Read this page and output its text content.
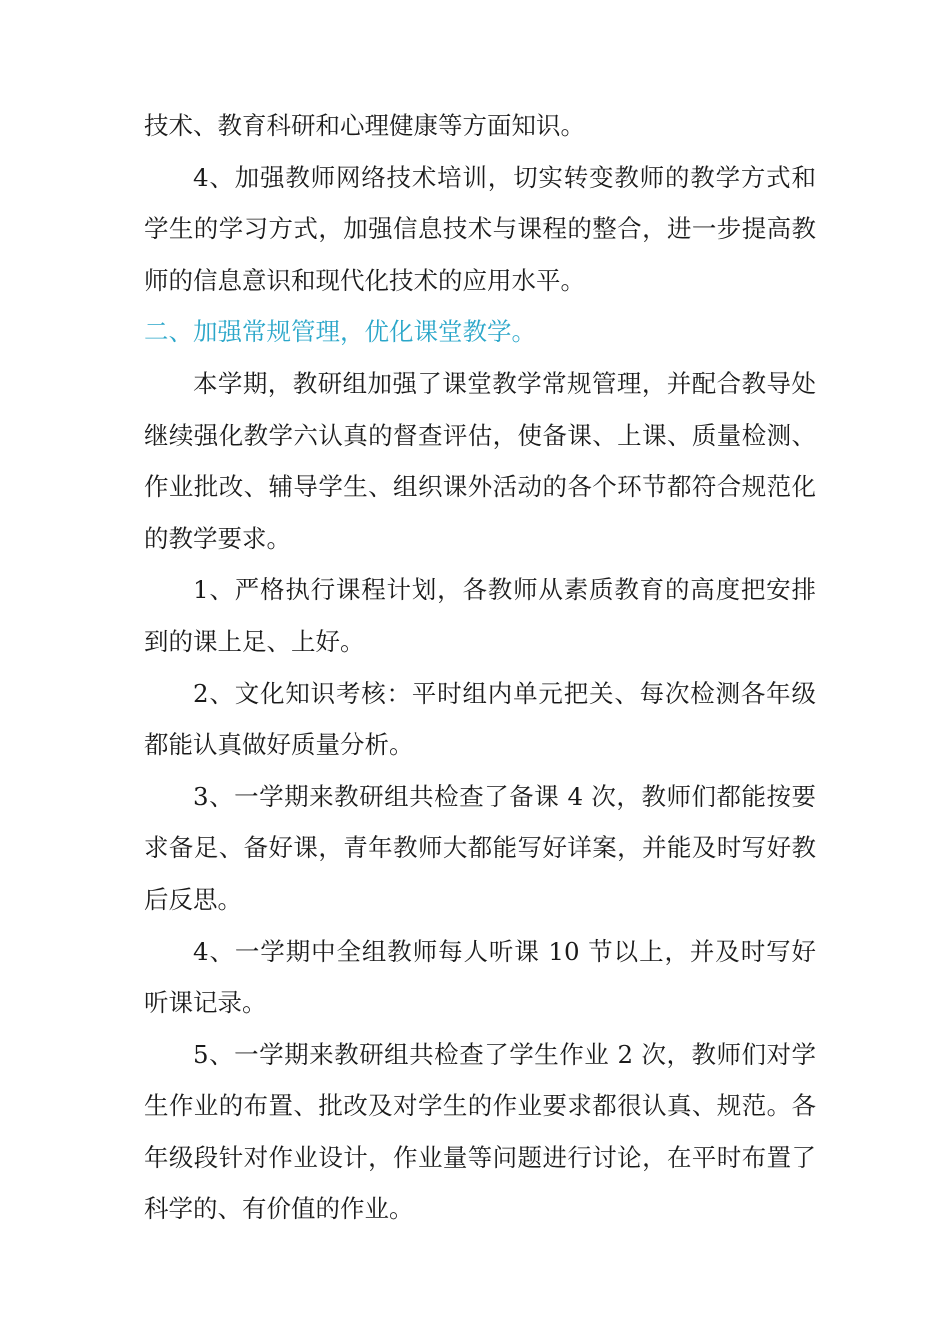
技术、教育科研和心理健康等方面知识。

4、加强教师网络技术培训，切实转变教师的教学方式和学生的学习方式，加强信息技术与课程的整合，进一步提高教师的信息意识和现代化技术的应用水平。

二、加强常规管理，优化课堂教学。

本学期，教研组加强了课堂教学常规管理，并配合教导处继续强化教学六认真的督查评估，使备课、上课、质量检测、作业批改、辅导学生、组织课外活动的各个环节都符合规范化的教学要求。

1、严格执行课程计划，各教师从素质教育的高度把安排到的课上足、上好。

2、文化知识考核：平时组内单元把关、每次检测各年级都能认真做好质量分析。

3、一学期来教研组共检查了备课 4 次，教师们都能按要求备足、备好课，青年教师大都能写好详案，并能及时写好教后反思。

4、一学期中全组教师每人听课 10 节以上，并及时写好听课记录。

5、一学期来教研组共检查了学生作业 2 次，教师们对学生作业的布置、批改及对学生的作业要求都很认真、规范。各年级段针对作业设计，作业量等问题进行讨论，在平时布置了科学的、有价值的作业。
